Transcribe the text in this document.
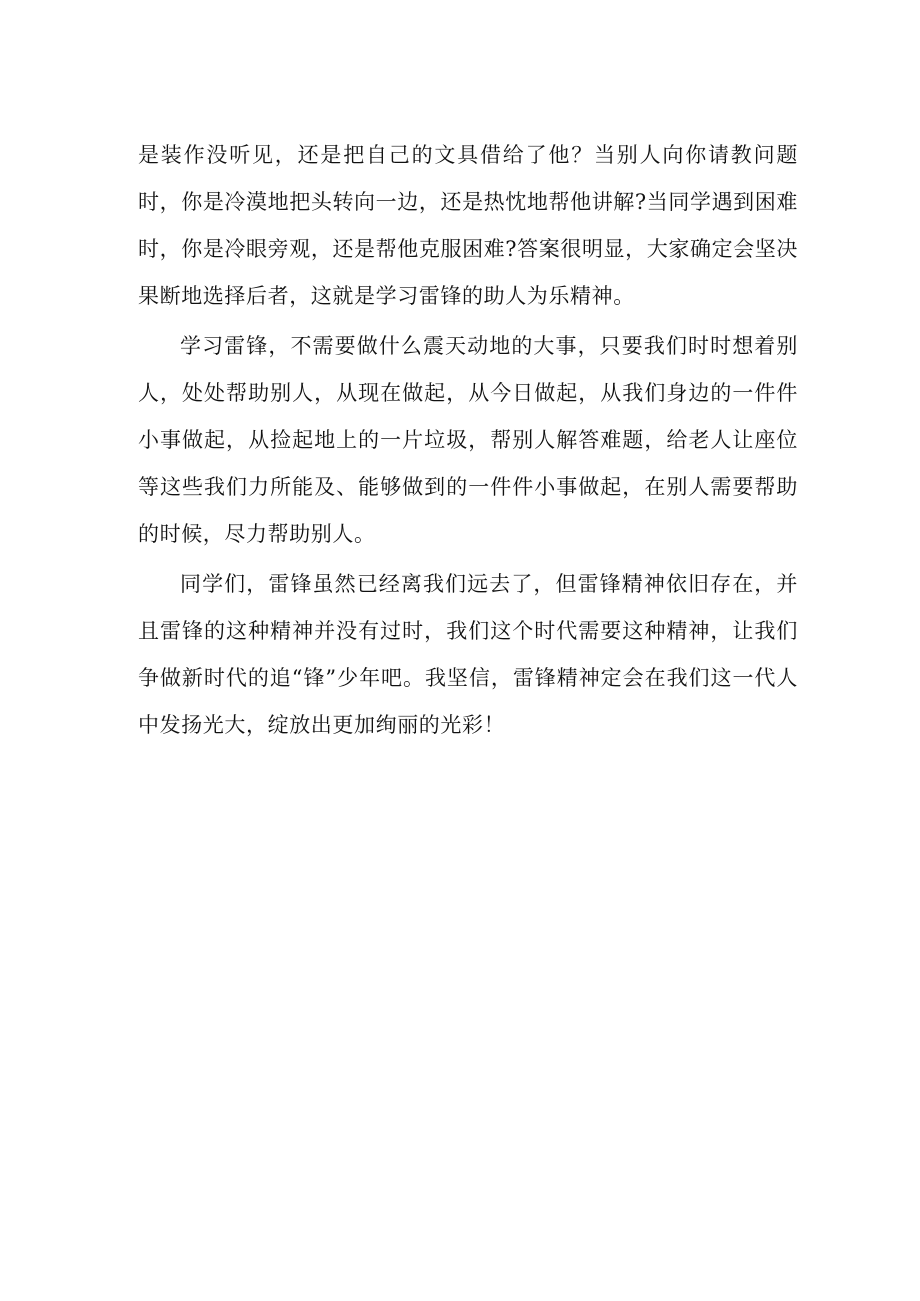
是装作没听见，还是把自己的文具借给了他？当别人向你请教问题时，你是冷漠地把头转向一边，还是热忱地帮他讲解?当同学遇到困难时，你是冷眼旁观，还是帮他克服困难?答案很明显，大家确定会坚决果断地选择后者，这就是学习雷锋的助人为乐精神。

学习雷锋，不需要做什么震天动地的大事，只要我们时时想着别人，处处帮助别人，从现在做起，从今日做起，从我们身边的一件件小事做起，从捡起地上的一片垃圾，帮别人解答难题，给老人让座位等这些我们力所能及、能够做到的一件件小事做起，在别人需要帮助的时候，尽力帮助别人。

同学们，雷锋虽然已经离我们远去了，但雷锋精神依旧存在，并且雷锋的这种精神并没有过时，我们这个时代需要这种精神，让我们争做新时代的追“锋”少年吧。我坚信，雷锋精神定会在我们这一代人中发扬光大，绽放出更加绚丽的光彩！
